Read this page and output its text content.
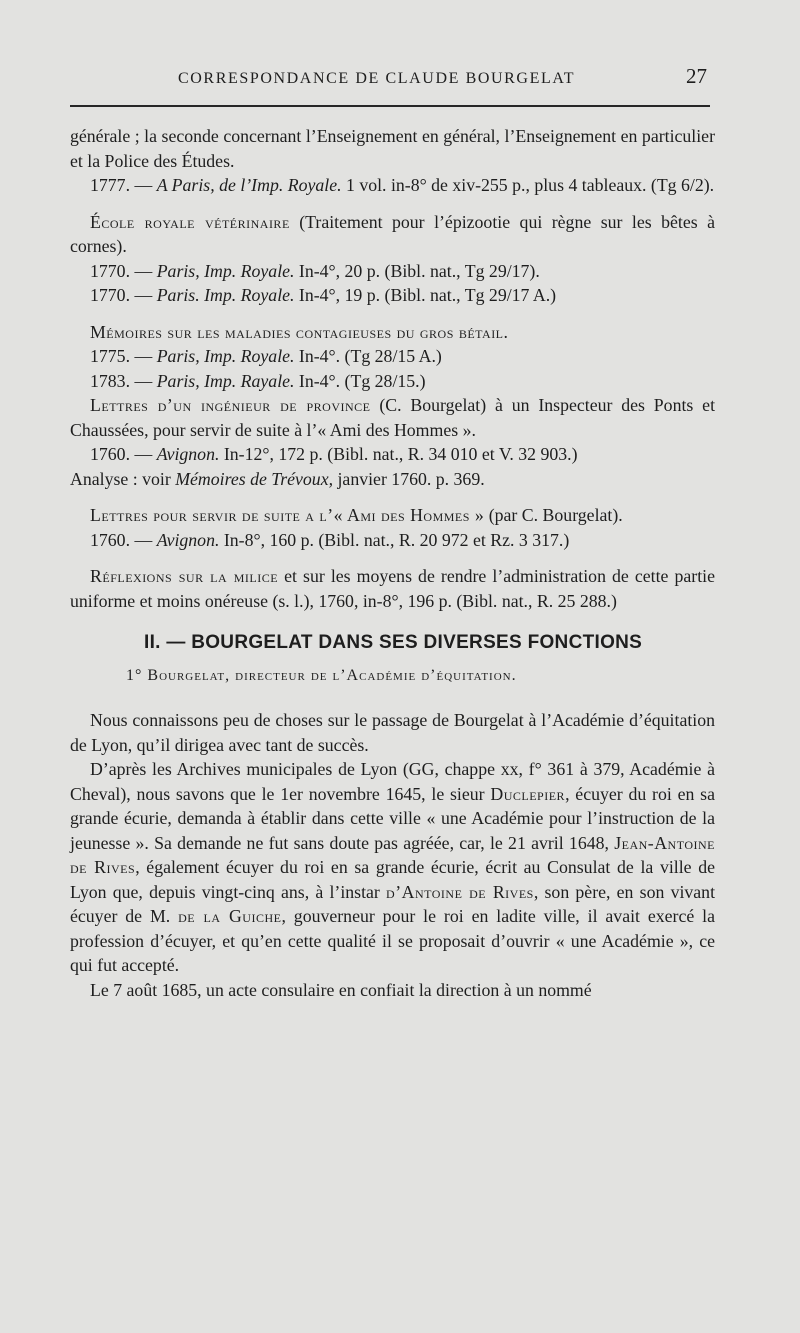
CORRESPONDANCE DE CLAUDE BOURGELAT	27

générale ; la seconde concernant l’Enseignement en général, l’Enseignement en particulier et la Police des Études.

1777. — A Paris, de l’Imp. Royale. 1 vol. in-8° de xiv-255 p., plus 4 tableaux. (Tg 6/2).

École royale vétérinaire (Traitement pour l’épizootie qui règne sur les bêtes à cornes).

1770. — Paris, Imp. Royale. In-4°, 20 p. (Bibl. nat., Tg 29/17).

1770. — Paris. Imp. Royale. In-4°, 19 p. (Bibl. nat., Tg 29/17 A.)

Mémoires sur les maladies contagieuses du gros bétail.

1775. — Paris, Imp. Royale. In-4°. (Tg 28/15 A.)

1783. — Paris, Imp. Rayale. In-4°. (Tg 28/15.)

Lettres d’un ingénieur de province (C. Bourgelat) à un Inspecteur des Ponts et Chaussées, pour servir de suite à l’« Ami des Hommes ».

1760. — Avignon. In-12°, 172 p. (Bibl. nat., R. 34 010 et V. 32 903.)

Analyse : voir Mémoires de Trévoux, janvier 1760. p. 369.

Lettres pour servir de suite a l’« Ami des Hommes » (par C. Bourgelat).

1760. — Avignon. In-8°, 160 p. (Bibl. nat., R. 20 972 et Rz. 3 317.)

Réflexions sur la milice et sur les moyens de rendre l’administration de cette partie uniforme et moins onéreuse (s. l.), 1760, in-8°, 196 p. (Bibl. nat., R. 25 288.)

II. — BOURGELAT DANS SES DIVERSES FONCTIONS

1° Bourgelat, directeur de l’Académie d’équitation.

Nous connaissons peu de choses sur le passage de Bourgelat à l’Académie d’équitation de Lyon, qu’il dirigea avec tant de succès.

D’après les Archives municipales de Lyon (GG, chappe xx, f° 361 à 379, Académie à Cheval), nous savons que le 1er novembre 1645, le sieur Duclepier, écuyer du roi en sa grande écurie, demanda à établir dans cette ville « une Académie pour l’instruction de la jeunesse ». Sa demande ne fut sans doute pas agréée, car, le 21 avril 1648, Jean-Antoine de Rives, également écuyer du roi en sa grande écurie, écrit au Consulat de la ville de Lyon que, depuis vingt-cinq ans, à l’instar d’Antoine de Rives, son père, en son vivant écuyer de M. de la Guiche, gouverneur pour le roi en ladite ville, il avait exercé la profession d’écuyer, et qu’en cette qualité il se proposait d’ouvrir « une Académie », ce qui fut accepté.

Le 7 août 1685, un acte consulaire en confiait la direction à un nommé
